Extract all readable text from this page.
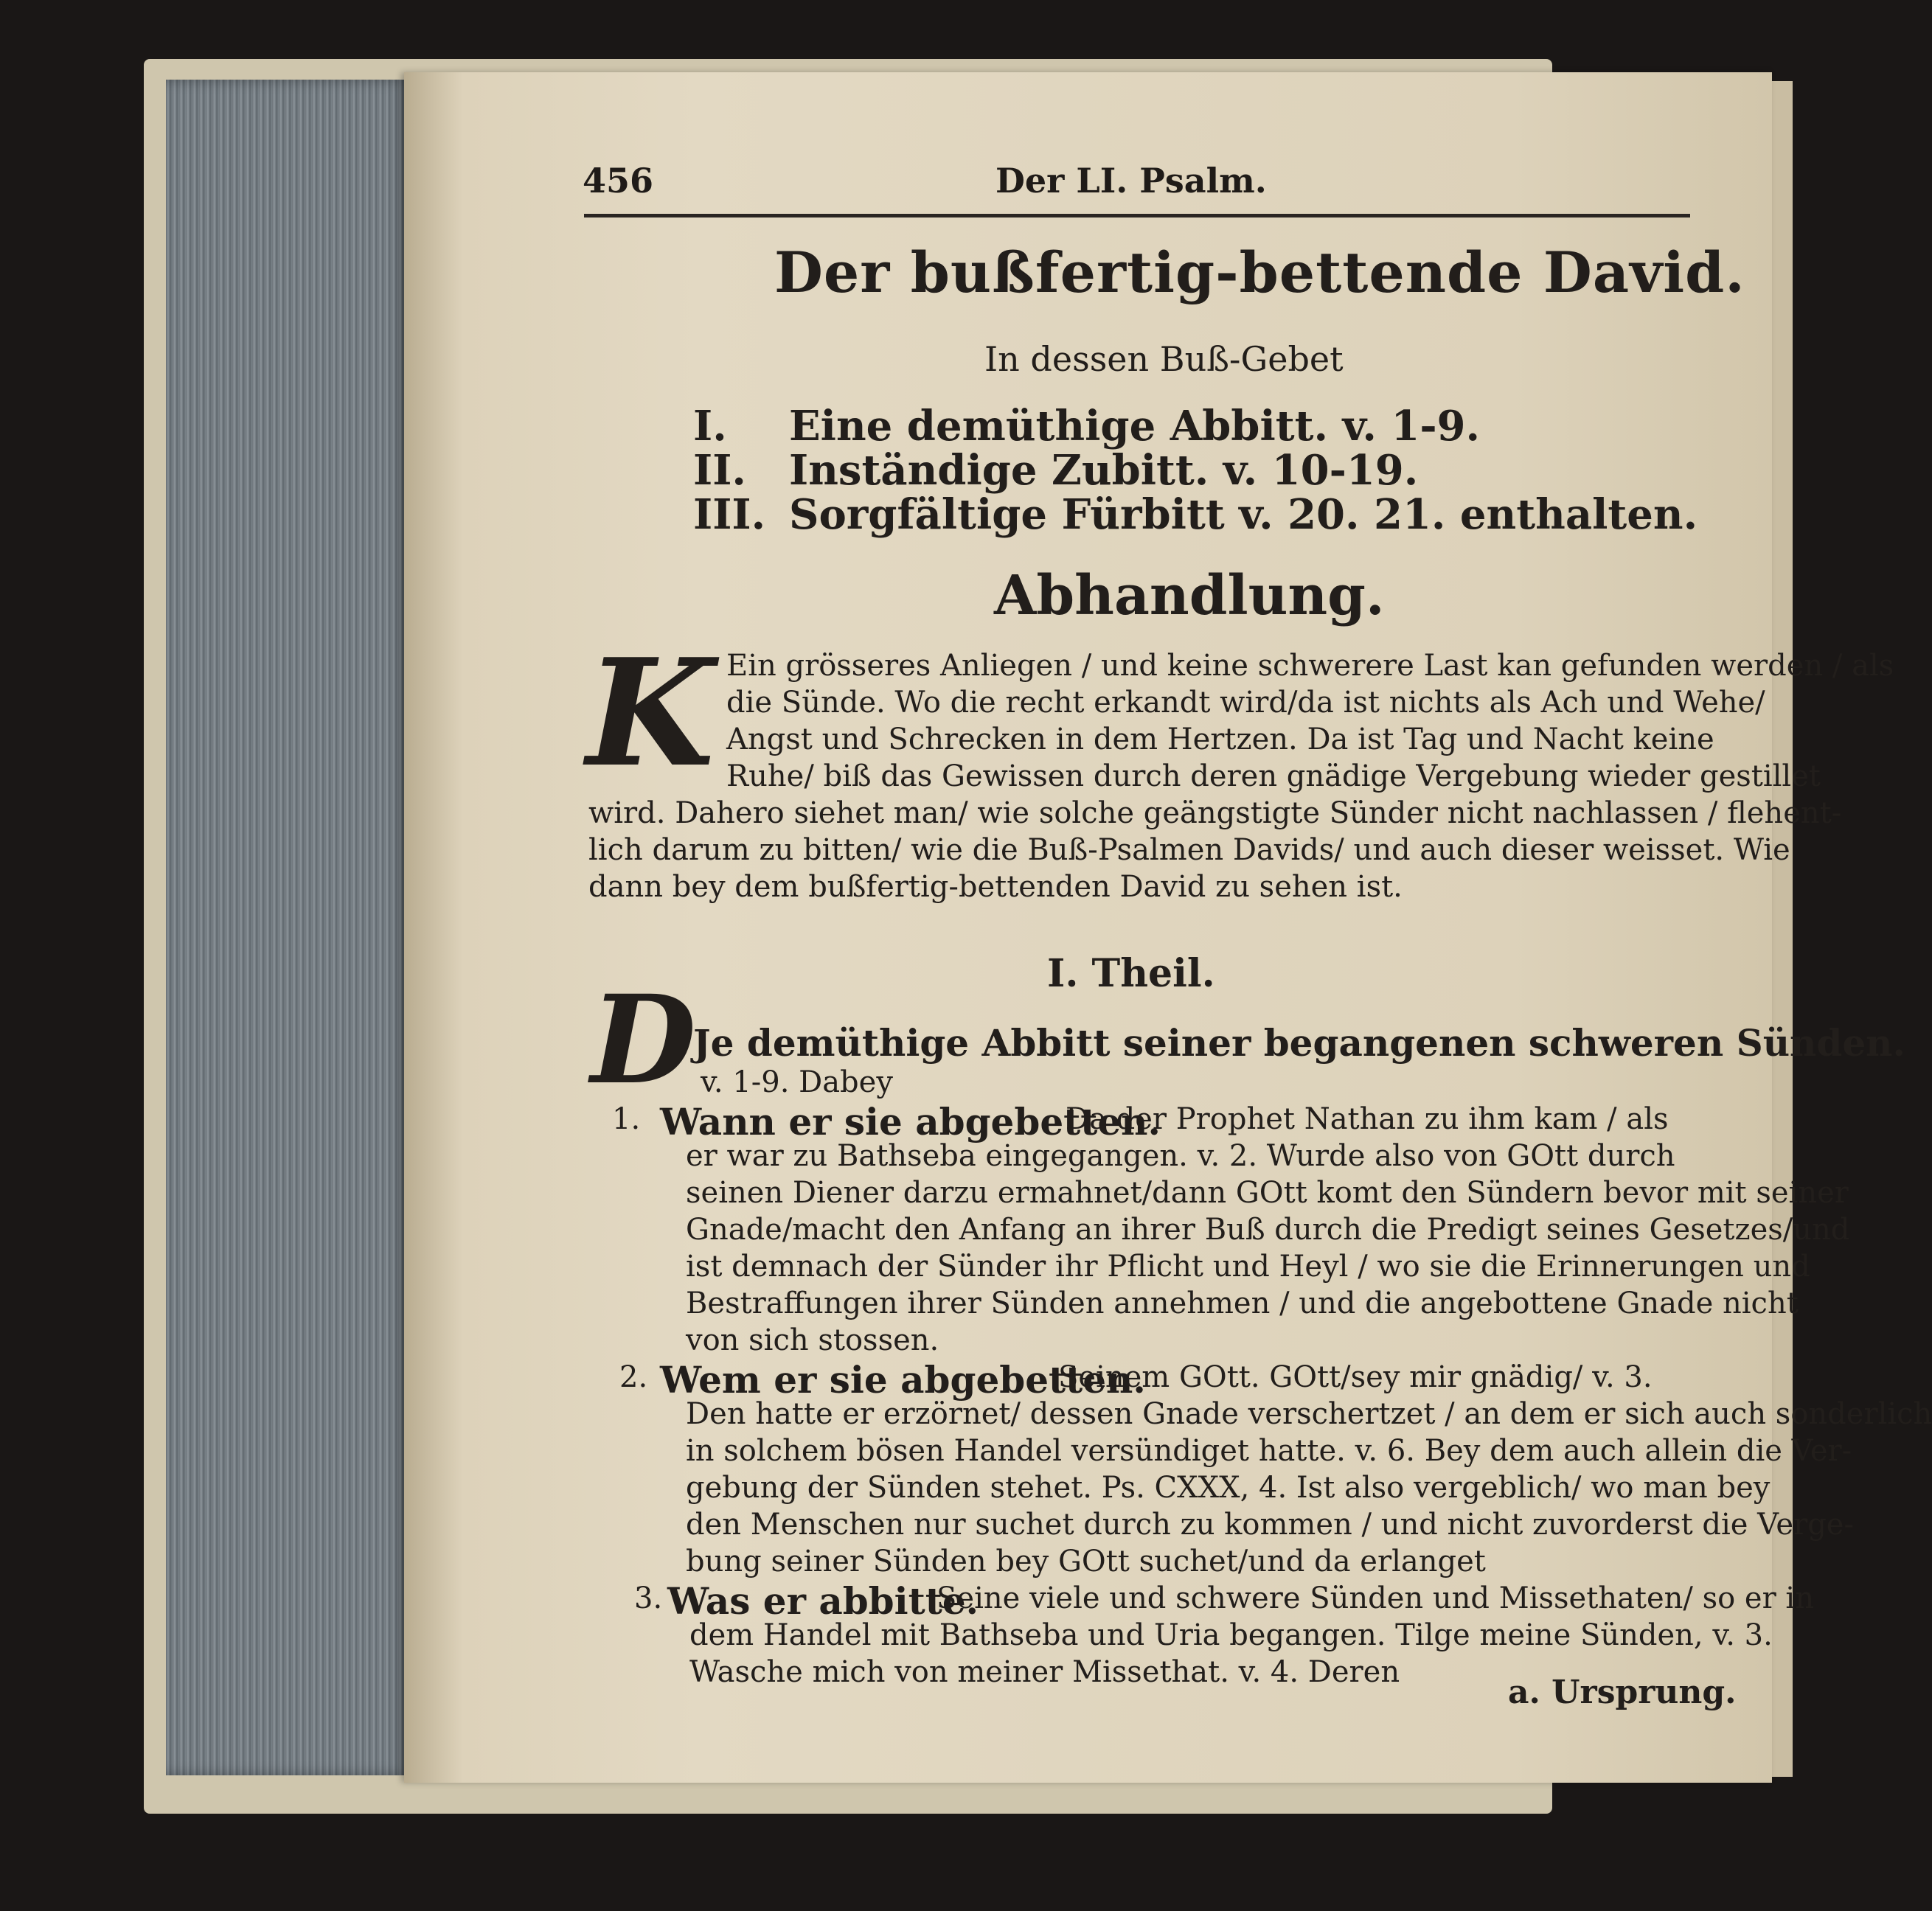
456	Der LI. Psalm.
Der bußfertig-bettende David.
In dessen Buß-Gebet
I. Eine demüthige Abbitt. v. 1-9.
II. Inständige Zubitt. v. 10-19.
III. Sorgfältige Fürbitt v. 20. 21. enthalten.
Abhandlung.
K Ein grösseres Anliegen / und keine schwerere Last kan gefunden werden / als
die Sünde. Wo die recht erkandt wird/da ist nichts als Ach und Wehe/
Angst und Schrecken in dem Hertzen. Da ist Tag und Nacht keine
Ruhe/ biß das Gewissen durch deren gnädige Vergebung wieder gestillet
wird. Dahero siehet man/ wie solche geängstigte Sünder nicht nachlassen / flehent-
lich darum zu bitten/ wie die Buß-Psalmen Davids/ und auch dieser weisset. Wie
dann bey dem bußfertig-bettenden David zu sehen ist.
I. Theil.
D
Je demüthige Abbitt seiner begangenen schweren Sünden.
v. 1-9. Dabey
1. Wann er sie abgebetten.
Da der Prophet Nathan zu ihm kam / als
er war zu Bathseba eingegangen. v. 2. Wurde also von GOtt durch
seinen Diener darzu ermahnet/dann GOtt komt den Sündern bevor mit seiner
Gnade/macht den Anfang an ihrer Buß durch die Predigt seines Gesetzes/und
ist demnach der Sünder ihr Pflicht und Heyl / wo sie die Erinnerungen und
Bestraffungen ihrer Sünden annehmen / und die angebottene Gnade nicht
von sich stossen.
2. Wem er sie abgebetten.
Seinem GOtt. GOtt/sey mir gnädig/ v. 3.
Den hatte er erzörnet/ dessen Gnade verschertzet / an dem er sich auch sonderlich
in solchem bösen Handel versündiget hatte. v. 6. Bey dem auch allein die Ver-
gebung der Sünden stehet. Ps. CXXX, 4. Ist also vergeblich/ wo man bey
den Menschen nur suchet durch zu kommen / und nicht zuvorderst die Verge-
bung seiner Sünden bey GOtt suchet/und da erlanget
3. Was er abbitte.
Seine viele und schwere Sünden und Missethaten/ so er in
dem Handel mit Bathseba und Uria begangen. Tilge meine Sünden, v. 3.
Wasche mich von meiner Missethat. v. 4. Deren
a. Ursprung.
